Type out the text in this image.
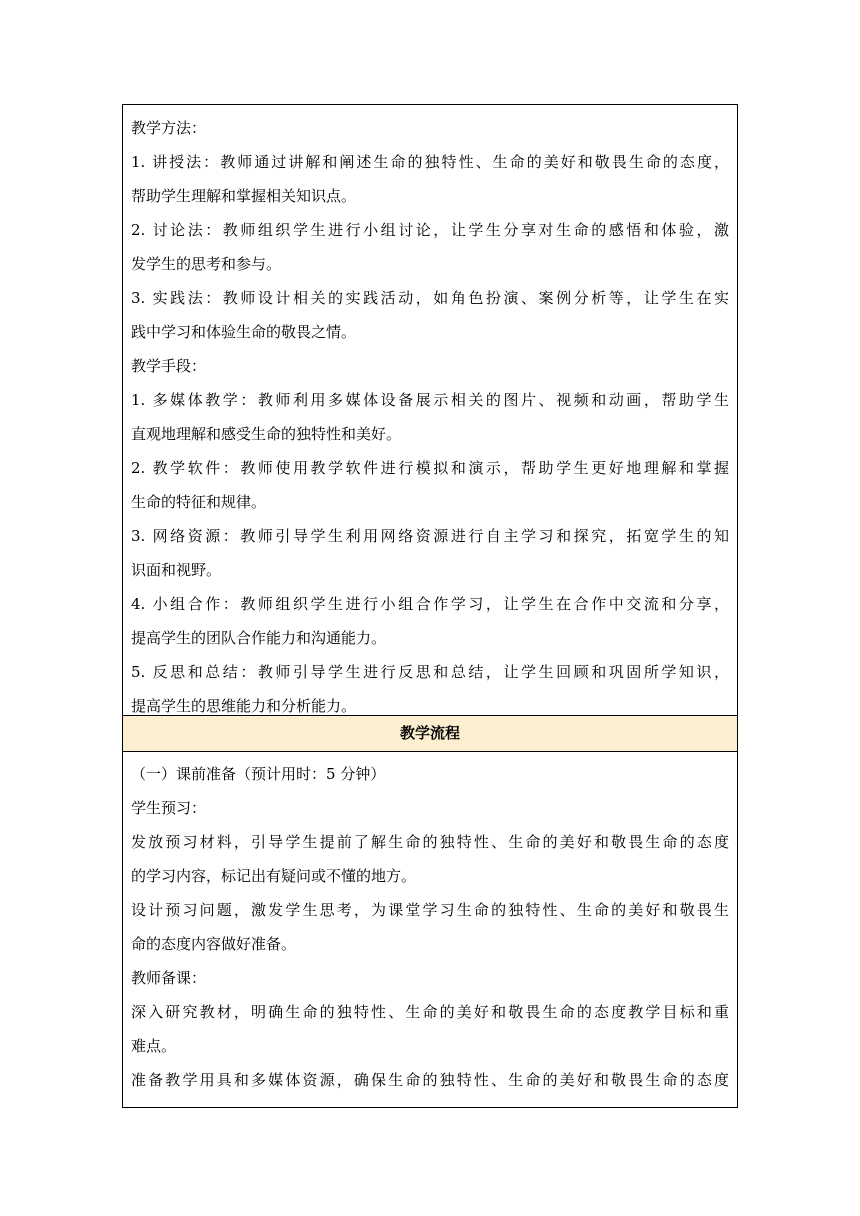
教学方法：
1. 讲授法：教师通过讲解和阐述生命的独特性、生命的美好和敬畏生命的态度，
帮助学生理解和掌握相关知识点。
2. 讨论法：教师组织学生进行小组讨论，让学生分享对生命的感悟和体验，激
发学生的思考和参与。
3. 实践法：教师设计相关的实践活动，如角色扮演、案例分析等，让学生在实
践中学习和体验生命的敬畏之情。
教学手段：
1. 多媒体教学：教师利用多媒体设备展示相关的图片、视频和动画，帮助学生
直观地理解和感受生命的独特性和美好。
2. 教学软件：教师使用教学软件进行模拟和演示，帮助学生更好地理解和掌握
生命的特征和规律。
3. 网络资源：教师引导学生利用网络资源进行自主学习和探究，拓宽学生的知
识面和视野。
4. 小组合作：教师组织学生进行小组合作学习，让学生在合作中交流和分享，
提高学生的团队合作能力和沟通能力。
5. 反思和总结：教师引导学生进行反思和总结，让学生回顾和巩固所学知识，
提高学生的思维能力和分析能力。
教学流程
（一）课前准备（预计用时：5 分钟）
学生预习：
发放预习材料，引导学生提前了解生命的独特性、生命的美好和敬畏生命的态度
的学习内容，标记出有疑问或不懂的地方。
设计预习问题，激发学生思考，为课堂学习生命的独特性、生命的美好和敬畏生
命的态度内容做好准备。
教师备课：
深入研究教材，明确生命的独特性、生命的美好和敬畏生命的态度教学目标和重
难点。
准备教学用具和多媒体资源，确保生命的独特性、生命的美好和敬畏生命的态度
